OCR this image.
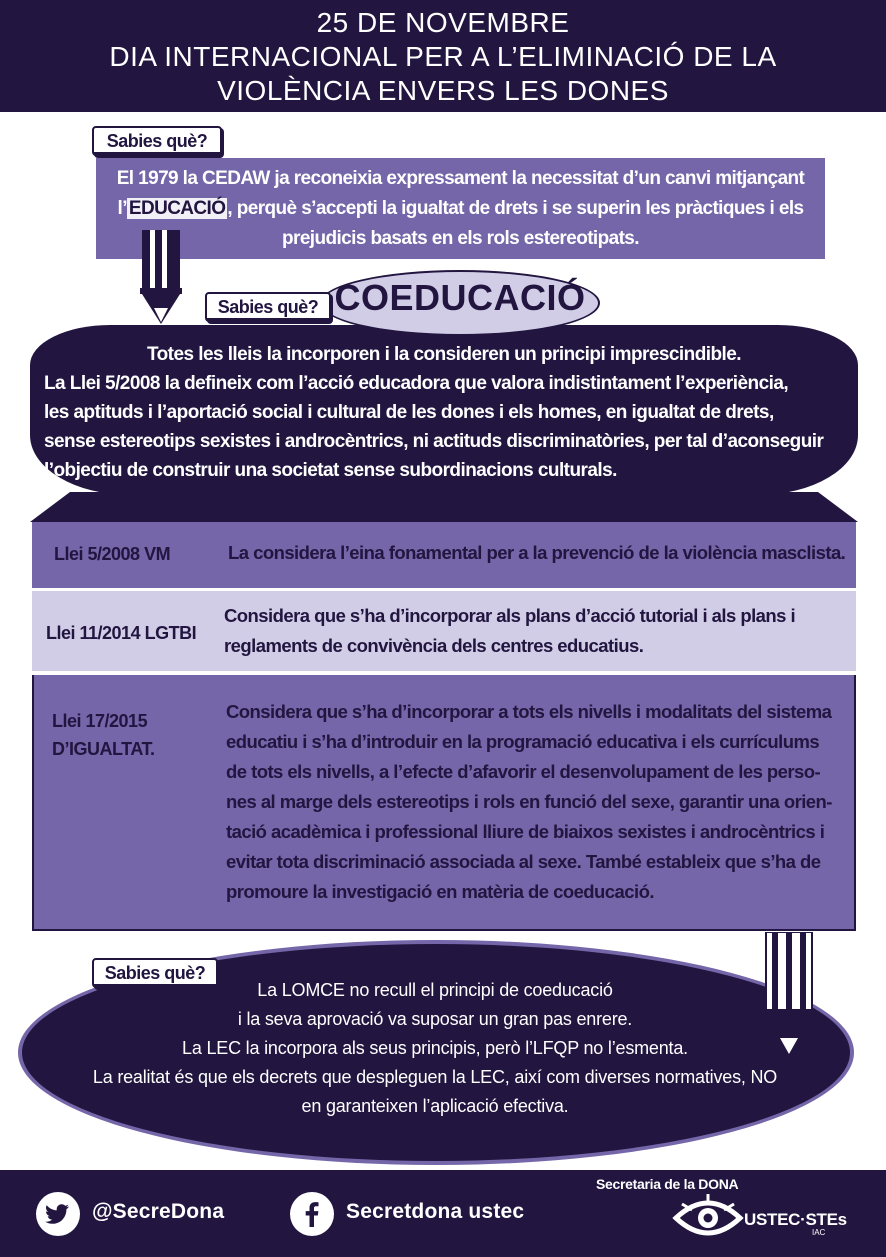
25 DE NOVEMBRE
DIA INTERNACIONAL PER A L’ELIMINACIÓ DE LA
VIOLÈNCIA ENVERS LES DONES
El 1979 la CEDAW ja reconeixia expressament la necessitat d’un canvi mitjançant
l’ EDUCACIÓ , perquè s’accepti la igualtat de drets i se superin les pràctiques i els
prejudicis basats en els rols estereotipats.
Sabies què?
COEDUCACIÓ
Sabies què?
Totes les lleis la incorporen i la consideren un principi imprescindible.
La Llei 5/2008 la defineix com l’acció educadora que valora indistintament l’experiència,
les aptituds i l’aportació social i cultural de les dones i els homes, en igualtat de drets,
sense estereotips sexistes i androcèntrics, ni actituds discriminatòries, per tal d’aconseguir
l’objectiu de construir una societat sense subordinacions culturals.
Llei 5/2008 VM	La considera l’eina fonamental per a la prevenció de la violència masclista.
Llei 11/2014 LGTBI
Considera que s’ha d’incorporar als plans d’acció tutorial i als plans i
reglaments de convivència dels centres educatius.
Llei 17/2015
D’IGUALTAT.
Considera que s’ha d’incorporar a tots els nivells i modalitats del sistema
educatiu i s’ha d’introduir en la programació educativa i els currículums
de tots els nivells, a l’efecte d’afavorir el desenvolupament de les perso-
nes al marge dels estereotips i rols en funció del sexe, garantir una orien-
tació acadèmica i professional lliure de biaixos sexistes i androcèntrics i
evitar tota discriminació associada al sexe. També estableix que s’ha de
promoure la investigació en matèria de coeducació.
Sabies què?
La LOMCE no recull el principi de coeducació
i la seva aprovació va suposar un gran pas enrere.
La LEC la incorpora als seus principis, però l’LFQP no l’esmenta.
La realitat és que els decrets que despleguen la LEC, així com diverses normatives, NO
en garanteixen l’aplicació efectiva.
@SecreDona	Secretdona ustec
Secretaria de la DONA
USTEC·STEs
IAC
